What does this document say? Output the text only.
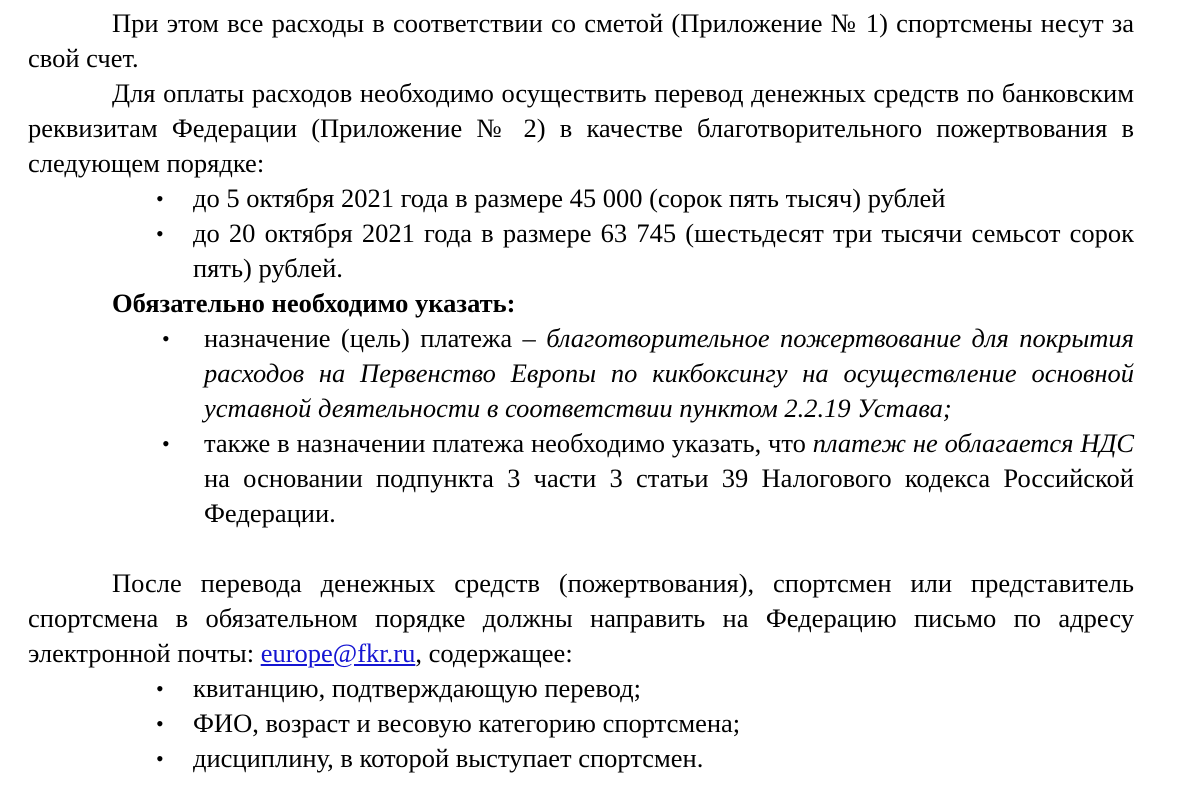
При этом все расходы в соответствии со сметой (Приложение № 1) спортсмены несут за свой счет.

Для оплаты расходов необходимо осуществить перевод денежных средств по банковским реквизитам Федерации (Приложение № 2) в качестве благотворительного пожертвования в следующем порядке:

• до 5 октября 2021 года в размере 45 000 (сорок пять тысяч) рублей
• до 20 октября 2021 года в размере 63 745 (шестьдесят три тысячи семьсот сорок пять) рублей.

Обязательно необходимо указать:

• назначение (цель) платежа – благотворительное пожертвование для покрытия расходов на Первенство Европы по кикбоксингу на осуществление основной уставной деятельности в соответствии пунктом 2.2.19 Устава;
• также в назначении платежа необходимо указать, что платеж не облагается НДС на основании подпункта 3 части 3 статьи 39 Налогового кодекса Российской Федерации.

После перевода денежных средств (пожертвования), спортсмен или представитель спортсмена в обязательном порядке должны направить на Федерацию письмо по адресу электронной почты: europe@fkr.ru, содержащее:

• квитанцию, подтверждающую перевод;
• ФИО, возраст и весовую категорию спортсмена;
• дисциплину, в которой выступает спортсмен.
